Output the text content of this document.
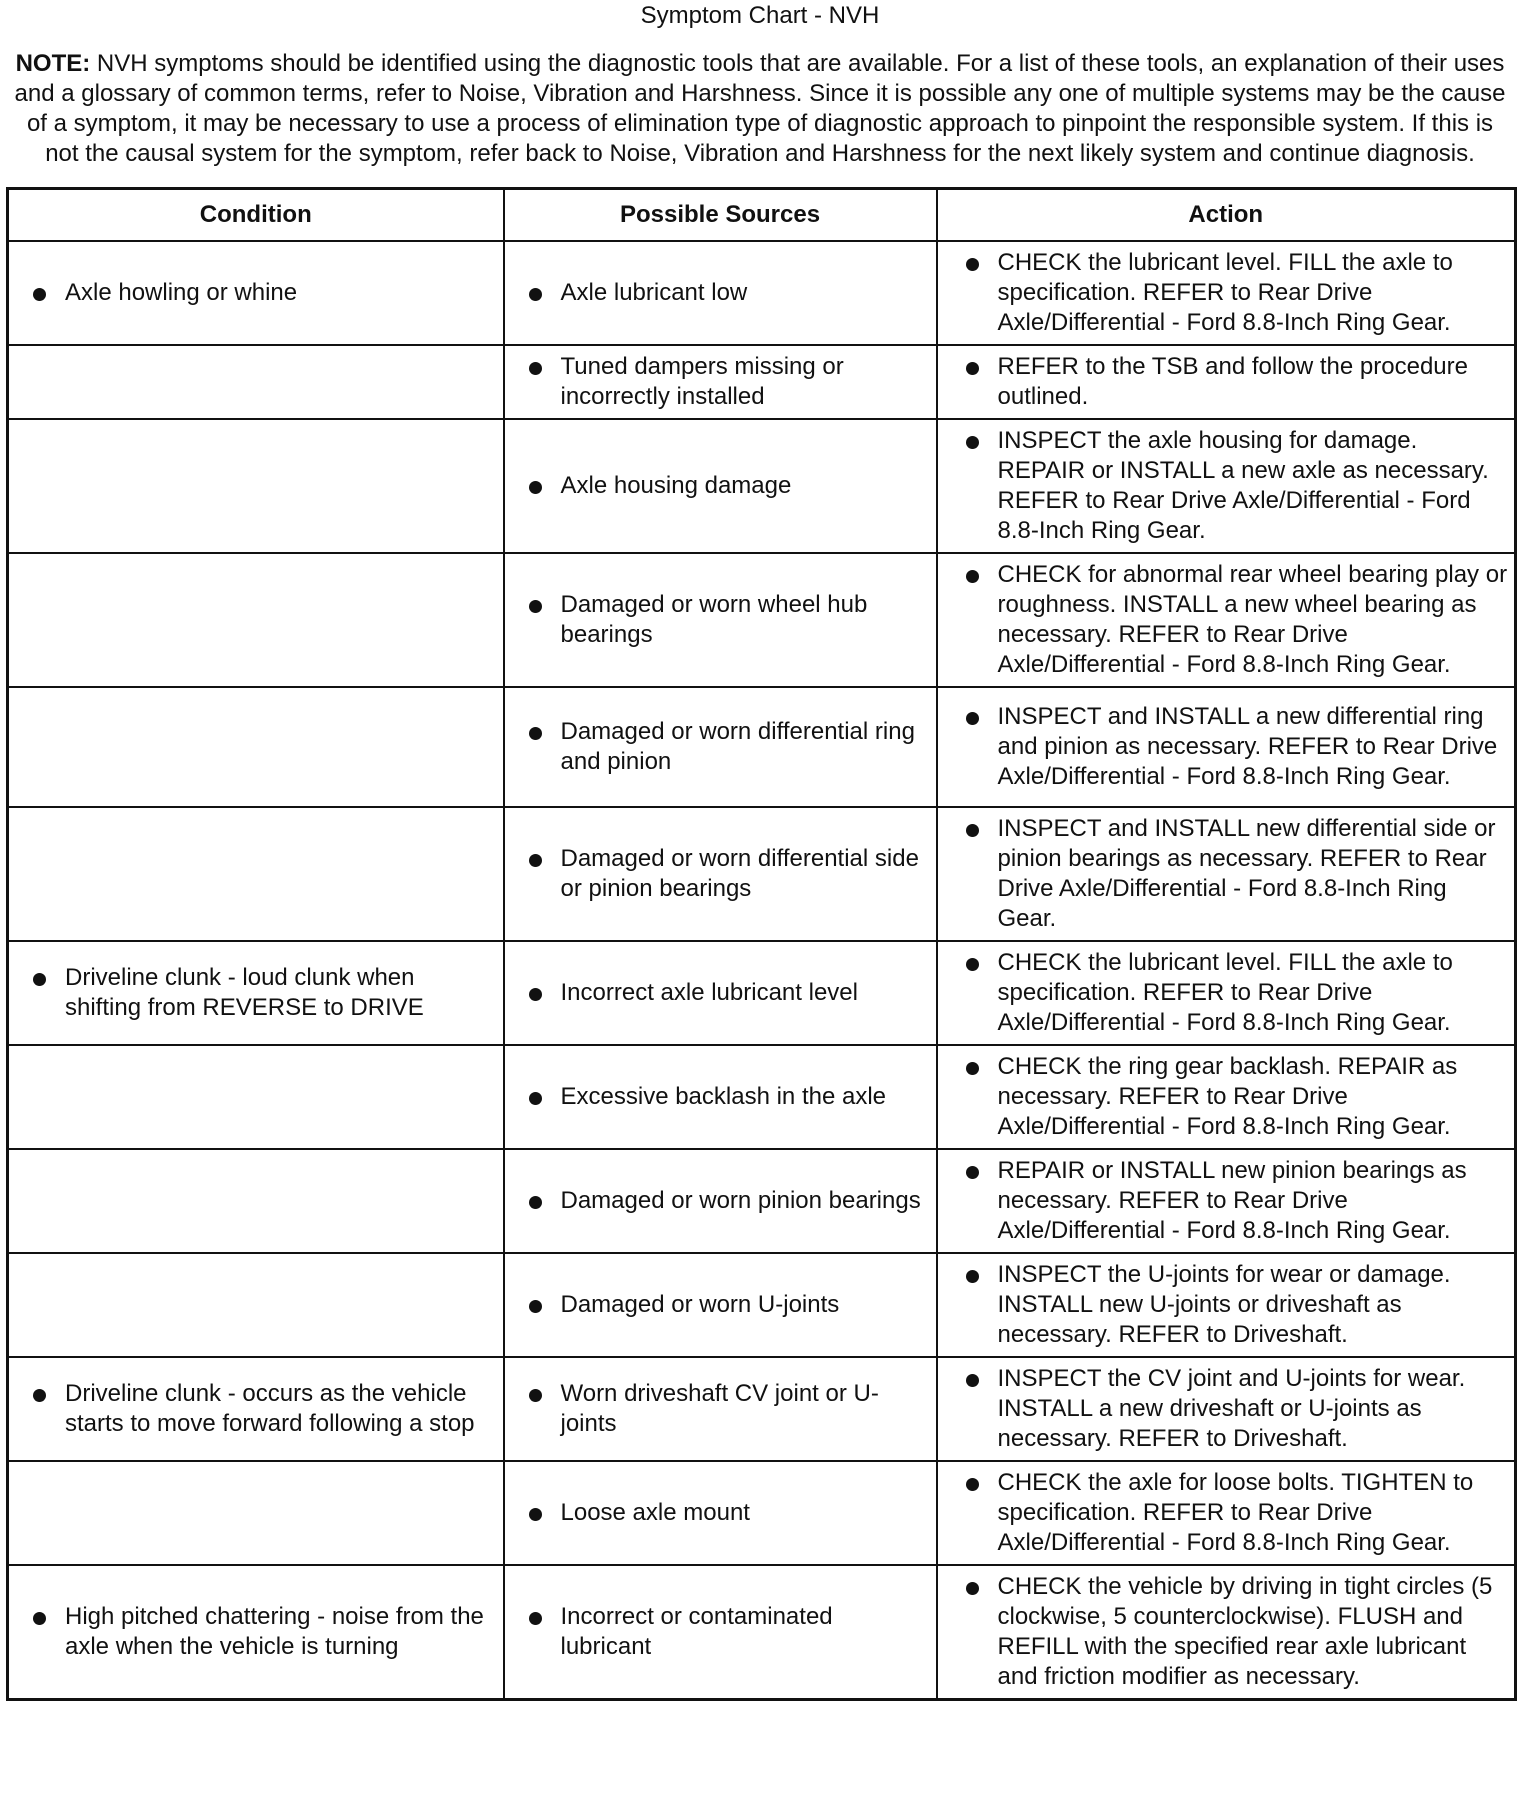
Symptom Chart - NVH

NOTE: NVH symptoms should be identified using the diagnostic tools that are available. For a list of these tools, an explanation of their uses and a glossary of common terms, refer to Noise, Vibration and Harshness. Since it is possible any one of multiple systems may be the cause of a symptom, it may be necessary to use a process of elimination type of diagnostic approach to pinpoint the responsible system. If this is not the causal system for the symptom, refer back to Noise, Vibration and Harshness for the next likely system and continue diagnosis.

Condition	Possible Sources	Action

Axle howling or whine	Axle lubricant low	CHECK the lubricant level. FILL the axle to specification. REFER to Rear Drive Axle/Differential - Ford 8.8-Inch Ring Gear.

	Tuned dampers missing or incorrectly installed	REFER to the TSB and follow the procedure outlined.

	Axle housing damage	INSPECT the axle housing for damage. REPAIR or INSTALL a new axle as necessary. REFER to Rear Drive Axle/Differential - Ford 8.8-Inch Ring Gear.

	Damaged or worn wheel hub bearings	CHECK for abnormal rear wheel bearing play or roughness. INSTALL a new wheel bearing as necessary. REFER to Rear Drive Axle/Differential - Ford 8.8-Inch Ring Gear.

	Damaged or worn differential ring and pinion	INSPECT and INSTALL a new differential ring and pinion as necessary. REFER to Rear Drive Axle/Differential - Ford 8.8-Inch Ring Gear.

	Damaged or worn differential side or pinion bearings	INSPECT and INSTALL new differential side or pinion bearings as necessary. REFER to Rear Drive Axle/Differential - Ford 8.8-Inch Ring Gear.

Driveline clunk - loud clunk when shifting from REVERSE to DRIVE	Incorrect axle lubricant level	CHECK the lubricant level. FILL the axle to specification. REFER to Rear Drive Axle/Differential - Ford 8.8-Inch Ring Gear.

	Excessive backlash in the axle	CHECK the ring gear backlash. REPAIR as necessary. REFER to Rear Drive Axle/Differential - Ford 8.8-Inch Ring Gear.

	Damaged or worn pinion bearings	REPAIR or INSTALL new pinion bearings as necessary. REFER to Rear Drive Axle/Differential - Ford 8.8-Inch Ring Gear.

	Damaged or worn U-joints	INSPECT the U-joints for wear or damage. INSTALL new U-joints or driveshaft as necessary. REFER to Driveshaft.

Driveline clunk - occurs as the vehicle starts to move forward following a stop	Worn driveshaft CV joint or U-joints	INSPECT the CV joint and U-joints for wear. INSTALL a new driveshaft or U-joints as necessary. REFER to Driveshaft.

	Loose axle mount	CHECK the axle for loose bolts. TIGHTEN to specification. REFER to Rear Drive Axle/Differential - Ford 8.8-Inch Ring Gear.

High pitched chattering - noise from the axle when the vehicle is turning	Incorrect or contaminated lubricant	CHECK the vehicle by driving in tight circles (5 clockwise, 5 counterclockwise). FLUSH and REFILL with the specified rear axle lubricant and friction modifier as necessary.
